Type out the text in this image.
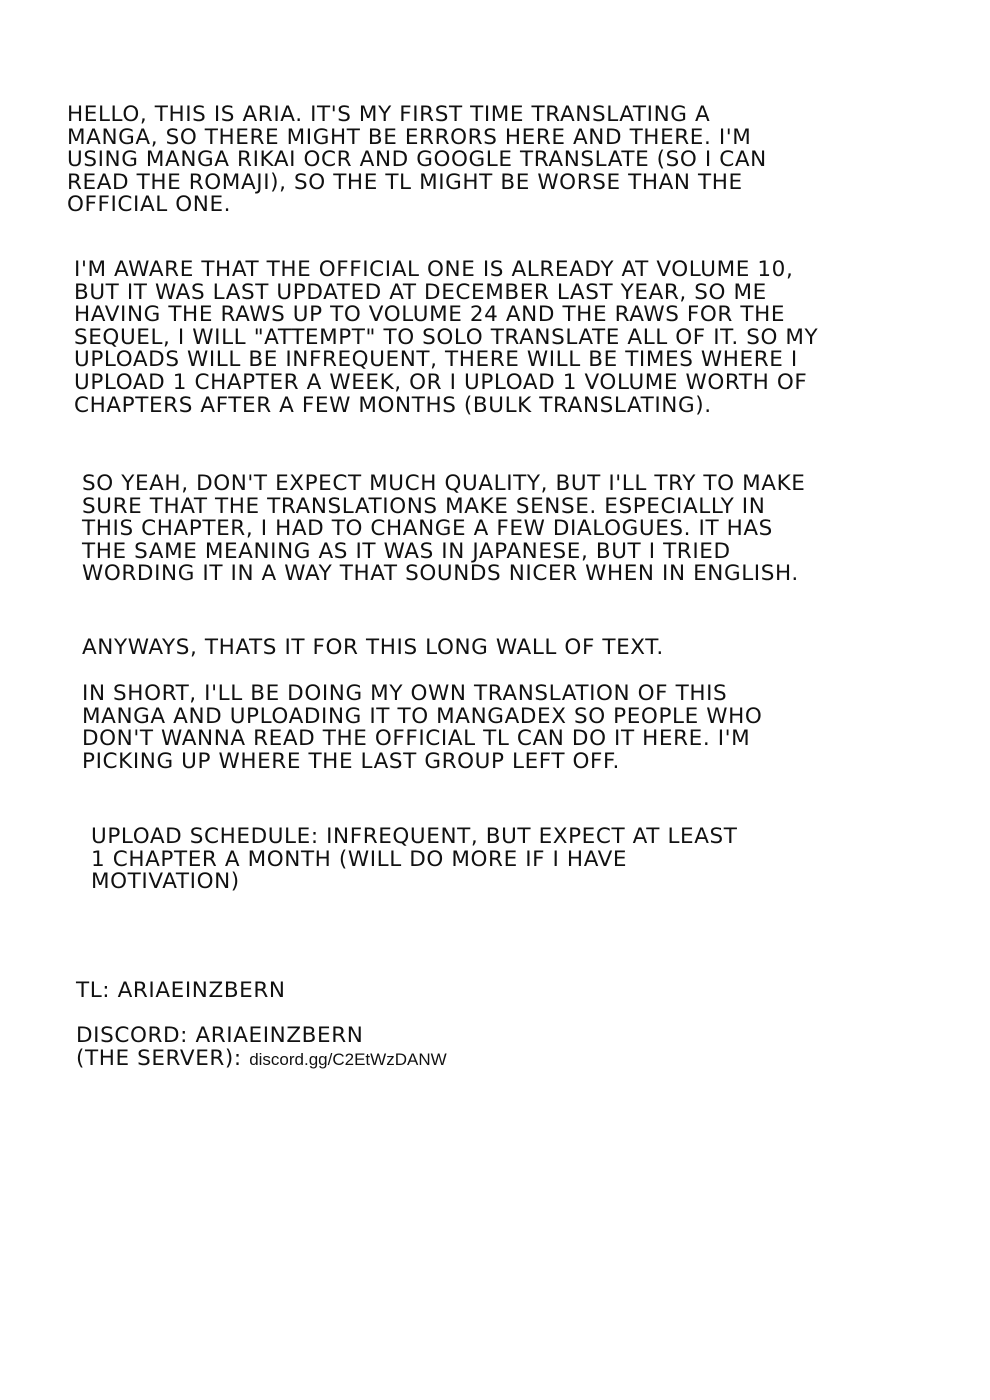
HELLO, THIS IS ARIA. IT'S MY FIRST TIME TRANSLATING A
MANGA, SO THERE MIGHT BE ERRORS HERE AND THERE. I'M
USING MANGA RIKAI OCR AND GOOGLE TRANSLATE (SO I CAN
READ THE ROMAJI), SO THE TL MIGHT BE WORSE THAN THE
OFFICIAL ONE.

I'M AWARE THAT THE OFFICIAL ONE IS ALREADY AT VOLUME 10,
BUT IT WAS LAST UPDATED AT DECEMBER LAST YEAR, SO ME
HAVING THE RAWS UP TO VOLUME 24 AND THE RAWS FOR THE
SEQUEL, I WILL "ATTEMPT" TO SOLO TRANSLATE ALL OF IT. SO MY
UPLOADS WILL BE INFREQUENT, THERE WILL BE TIMES WHERE I
UPLOAD 1 CHAPTER A WEEK, OR I UPLOAD 1 VOLUME WORTH OF
CHAPTERS AFTER A FEW MONTHS (BULK TRANSLATING).

SO YEAH, DON'T EXPECT MUCH QUALITY, BUT I'LL TRY TO MAKE
SURE THAT THE TRANSLATIONS MAKE SENSE. ESPECIALLY IN
THIS CHAPTER, I HAD TO CHANGE A FEW DIALOGUES. IT HAS
THE SAME MEANING AS IT WAS IN JAPANESE, BUT I TRIED
WORDING IT IN A WAY THAT SOUNDS NICER WHEN IN ENGLISH.

ANYWAYS, THATS IT FOR THIS LONG WALL OF TEXT.

IN SHORT, I'LL BE DOING MY OWN TRANSLATION OF THIS
MANGA AND UPLOADING IT TO MANGADEX SO PEOPLE WHO
DON'T WANNA READ THE OFFICIAL TL CAN DO IT HERE. I'M
PICKING UP WHERE THE LAST GROUP LEFT OFF.

UPLOAD SCHEDULE: INFREQUENT, BUT EXPECT AT LEAST
1 CHAPTER A MONTH (WILL DO MORE IF I HAVE
MOTIVATION)

TL: ARIAEINZBERN

DISCORD: ARIAEINZBERN
(THE SERVER): discord.gg/C2EtWzDANW
